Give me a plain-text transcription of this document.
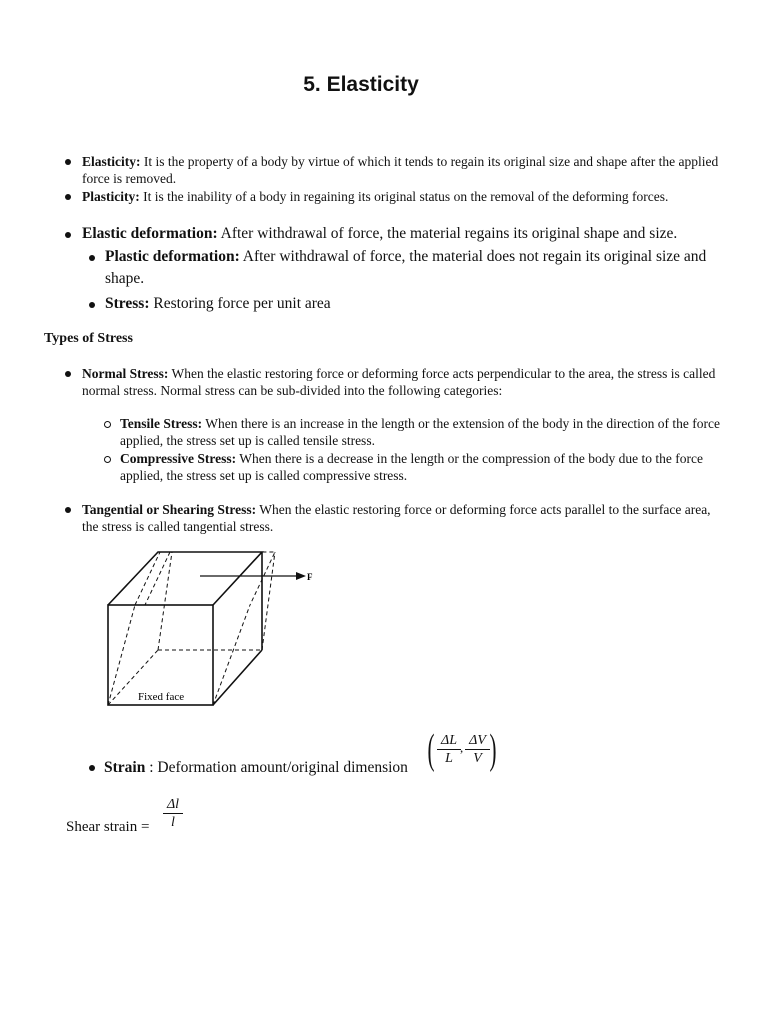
5. Elasticity

Elasticity: It is the property of a body by virtue of which it tends to regain its original size and shape after the applied force is removed.

Plasticity: It is the inability of a body in regaining its original status on the removal of the deforming forces.

Elastic deformation: After withdrawal of force, the material regains its original shape and size.

Plastic deformation: After withdrawal of force, the material does not regain its original size and shape.

Stress: Restoring force per unit area

Types of Stress

Normal Stress: When the elastic restoring force or deforming force acts perpendicular to the area, the stress is called normal stress. Normal stress can be sub-divided into the following categories:

Tensile Stress: When there is an increase in the length or the extension of the body in the direction of the force applied, the stress set up is called tensile stress.

Compressive Stress: When there is a decrease in the length or the compression of the body due to the force applied, the stress set up is called compressive stress.

Tangential or Shearing Stress: When the elastic restoring force or deforming force acts parallel to the surface area, the stress is called tangential stress.

F
Fixed face

Strain : Deformation amount/original dimension ( $\frac{\Delta L}{L}$ , $\frac{\Delta V}{V}$ )

Shear strain = $\frac{\Delta l}{l}$
